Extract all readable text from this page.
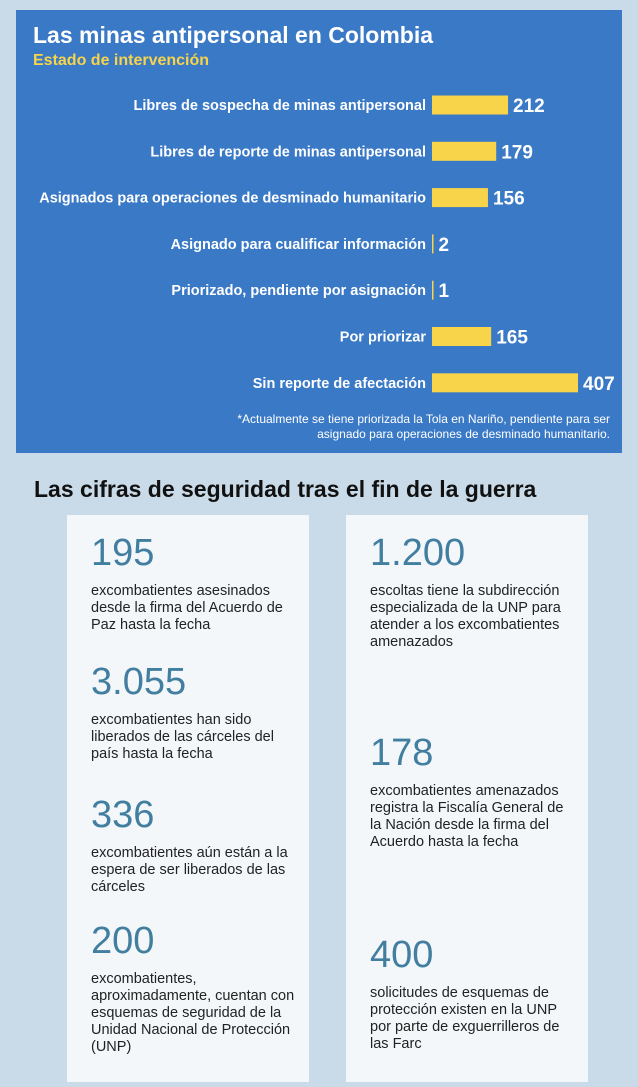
Las minas antipersonal en Colombia
Estado de intervención
Libres de sospecha de minas antipersonal	212
Libres de reporte de minas antipersonal	179
Asignados para operaciones de desminado humanitario	156
Asignado para cualificar información 2
Priorizado, pendiente por asignación 1
Por priorizar	165
Sin reporte de afectación	407
*Actualmente se tiene priorizada la Tola en Nariño, pendiente para ser asignado para operaciones de desminado humanitario.
Las cifras de seguridad tras el fin de la guerra
195
excombatientes asesinados desde la firma del Acuerdo de Paz hasta la fecha
3.055
excombatientes han sido liberados de las cárceles del país hasta la fecha
336
excombatientes aún están a la espera de ser liberados de las cárceles
200
excombatientes, aproximadamente, cuentan con esquemas de seguridad de la Unidad Nacional de Protección (UNP)
1.200
escoltas tiene la subdirección especializada de la UNP para atender a los excombatientes amenazados
178
excombatientes amenazados registra la Fiscalía General de la Nación desde la firma del Acuerdo hasta la fecha
400
solicitudes de esquemas de protección existen en la UNP por parte de exguerrilleros de las Farc
